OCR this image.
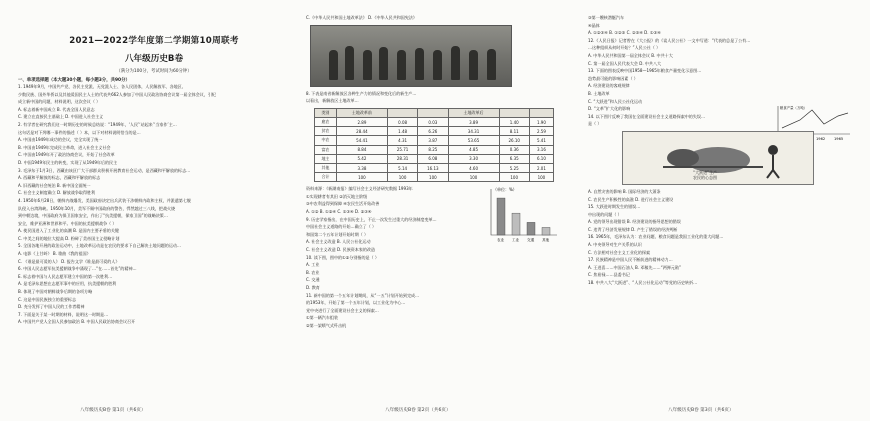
2021—2022学年度第二学期第10周联考
八年级历史B卷
（满分为100分，考试时间为60分钟）
一、单项选择题（本大题30小题，每小题3分，共90分）
1. 1949年9月，中国共产党、各民主党派、无党派人士、各人民团体，人民解放军、各地区、
少数民族、国外华侨以及其他爱国民主人士的代表共662人参加了中国人民政治协商会议第一届全体会议，引纪
成立新中国的问题，材料说明，这次会议（ ）
A. 标志着新中国成立 B. 代表全国人民意志
C. 建立在直接民主基础上 D. 中国进入社会主义
2. 有学者在研究我们这一时期历史的时候总结说：“1949年，‘人民’‘站起来’‘当家作’主…
这句话是对下列哪一事件的描述（ ）本，以下对材料说明恰当的是…
A. 中国由1949年成功的会议，完全实现了统一
B. 中国由1949年完成民主革命，进入社会主义社会
C. 中国由1949年开了政治协商会议，开始了社会改革
D. 中国1949年民主的转变，实现了从1949年后的民主
3. 毛泽东于1月3日，西藏由该区广大干部群众积极开展教育社会运动，是西藏和平解放的标志…
A. 西藏和平解放的标志，西藏和平解放的标志
A. 旧西藏的社会统治 B. 新中国全面统一
C. 社会主义制度确立 D. 解放战争取得胜利
4. 1950年6月28日，朝鲜内战爆发，美国政府决定出兵武装干涉朝鲜内政和主权，并派遣第七舰
队侵入台湾海峡。1950年10月，美军不顾中国政府的警告，悍然越过三八线，把战火烧
到中朝边境，中国政府为保卫国家安全，作出了“抗美援朝，保家卫国”的战略决策…
安全，维护亚洲和世界和平。中国的抗美援朝战争（ ）
A. 使民国进入了工业化的高潮 B. 是国内主要矛盾的关键
C. 中美之间的地位大提高 D. 粉碎了美帝国主义侵略计划
5. 全国各地开展的政治运动中，土地改革运动是在农民的要求下自己解决土地问题的运动…
A. 电影《上甘岭》 B. 歌曲《我的祖国》
C. 《谁是最可爱的人》 D. 报告文学《谁是最可爱的人》
6. 中国人民志愿军抗美援朝战争中涌现了…“在……首先”的精神…
E. 标志着中国与人民志愿军建立中国的第一次胜利…
A. 是毛泽东思想在志愿军事中的应用，抗美援朝的胜利
B. 体现了中国对朝鲜战争后期的各项方略
C. 这是中国民族独立的重要标志
D. 充分发挥了中国人民的工作者精神
7. 下面是关于某一时期的材料，说明这一时期是…
A. 中国共产党人全国人民参加政治 B. 中国人民政治协商会议召开
C.《中华人民共和国土地改革法》 D.《中华人民共和国宪法》
8. 下表是南省新解放区各种生产力的情况和变化后的新生产…
以看出，新解放区土地改革…
类别	土地改革前			土地改革后		
雇农	2.89	0.08	0.03	3.89	1.40	1.90
贫农	28.44	1.48	6.26	34.31	8.11	2.59
中农	54.41	4.31	3.87	53.65	26.10	5.41
富农	8.84	25.71	8.25	4.85	0.36	3.16
地主	5.42	28.31	6.08	3.30	6.35	6.10
其他	3.38	5.14	16.13	4.60	5.25	2.01
合计	100	100	100	100	100	100
资料来源：《新湖南报》编写社会主义经济研究数据 1993年
①实现耕者有其田 ②消灭地主阶级
③中农利益得到保障 ④农民生活开始改善
A. ①② B. ①②④ C. ①③④ D. ②③④
9. 历史学家指出，在中国历史上，不止一次发生过重大的经济制度变革…
中国社会主义道路的开始…确立了（ ）
和国第二个五年计划开始时期（ ）
A. 社会主义改造 B. 人民公社化运动
C. 社会主义改造 D. 民族资本家的改造
10. 读下图，图中的①②分别指的是（ ）
A. 工业
B. 农业
C. 交通
D. 教育
11. 新中国的第一个五年计划期间，从“一五”计划开始到完成…
的1953年，开始了第一个五年计划，以工业化为中心…
党中央进行了全面建设社会主义的探索…
①第一辆汽车组装
②第一架喷气式歼击机
（单位：%）
农业 工业 交通 其他
③第一艘核潜艇汽车
④晶体
A. ①②③④ B. ①②③ C. ②③④ D. ①③④
12.《人民日报》记者曾在《大公报》的《谈人民公社》一文中写道：“代表的总是了公有…
…这种组织从何时开始？”人民公社（ ）
A. 中华人民共和国第一届全体会议 B. 中共十大
C. 第一届全国人民代表大会 D. 中共八大
13. 下面的图表反映中国1958—1965年粮食产量变化示意图…
趋势最可能的影响因素（ ）
A. 经济建设的客观规律
B. 土地改革
C. “大跃进”和人民公社化运动
D. “文革”扩大化的影响
14. 以下图片反映了我国在全面建设社会主义道路探索中的失误…
是（ ）
粮食产量（万吨）
1962 1965
“大跃进”生产
农民的心态图
A. 自然灾害的影响 B. 国际经济的大萧条
C. 农民生产积极性的高涨 D. 进行社会主义建设
15. 大跃进时期发生的错误…
中出现的问题（ ）
A. 党的领导出现错误 B. 经济建设的指导思想的错误
C. 违背了经济发展规律 D. 产生了错误的经济判断
16. 1965年，毛泽东认为：农业问题、粮食问题是我国工业化的重大问题…
A. 中央领导对生产关系的认识
C. 方法相对社会主义工业化的探索
17. 民族精神是中国人民不断前进的精神动力…
A. 王进喜……中国石油人 B. 邓稼先……“两弹元勋”
C. 焦裕禄……县委书记
18. 中共八大“大跃进”、“人民公社化运动”等党的历史转折…
八年级历史B卷 第1页（共6页）	八年级历史B卷 第2页（共6页）	八年级历史B卷 第3页（共6页）
